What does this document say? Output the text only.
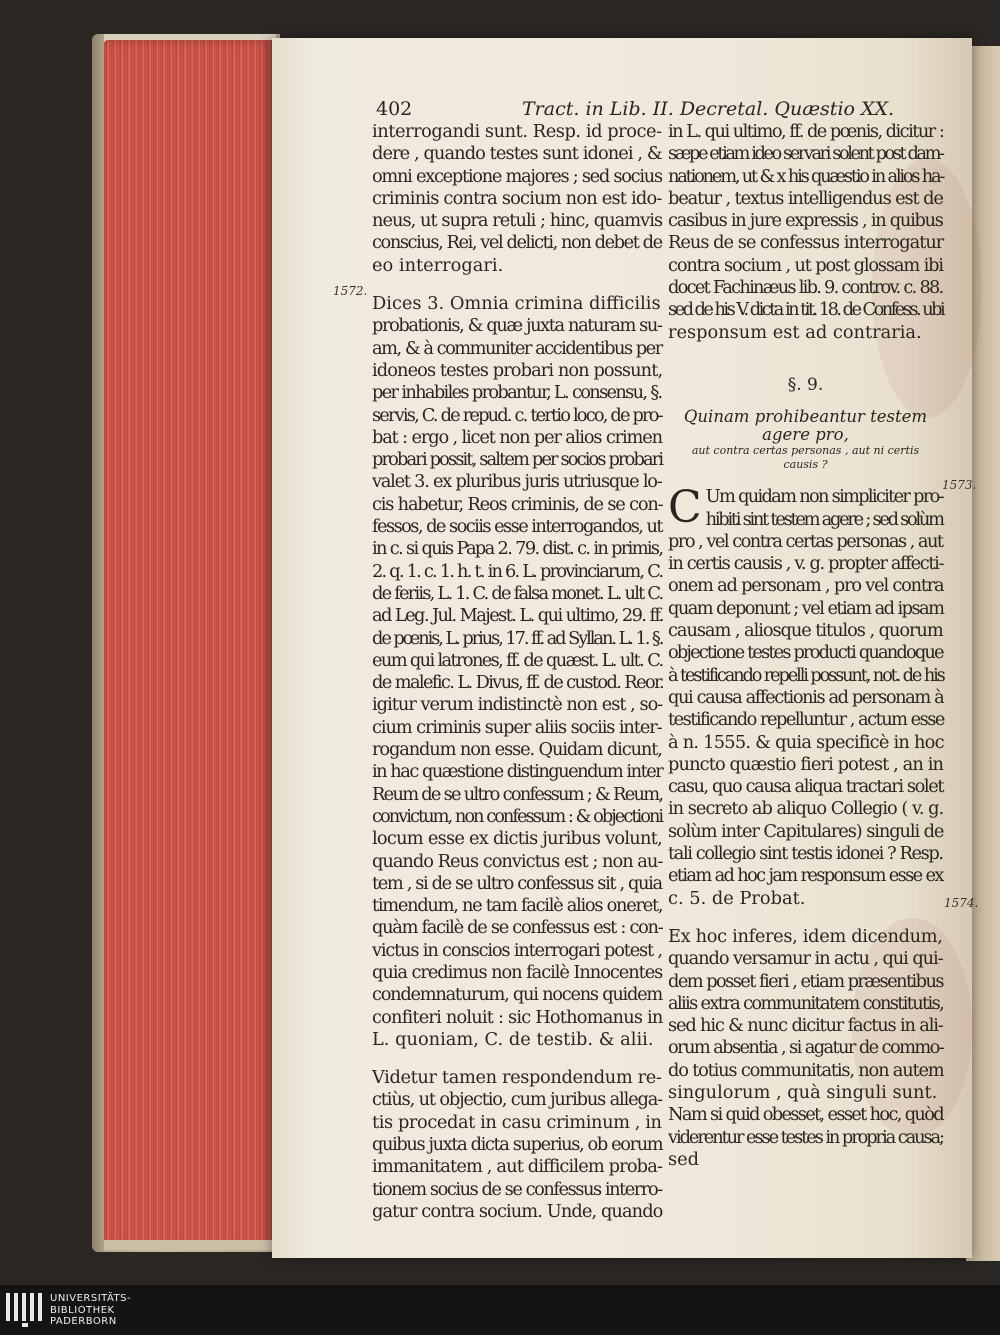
402	Tract. in Lib. II. Decretal. Quæstio XX.
1572.
1573.
1574.
interrogandi sunt. Resp. id proce-
dere , quando testes sunt idonei , &
omni exceptione majores ; sed socius
criminis contra socium non est ido-
neus, ut supra retuli ; hinc, quamvis
conscius, Rei, vel delicti, non debet de
eo interrogari.
Dices 3. Omnia crimina difficilis
probationis, & quæ juxta naturam su-
am, & à communiter accidentibus per
idoneos testes probari non possunt,
per inhabiles probantur, L. consensu, §.
servis, C. de repud. c. tertio loco, de pro-
bat : ergo , licet non per alios crimen
probari possit, saltem per socios probari
valet 3. ex pluribus juris utriusque lo-
cis habetur, Reos criminis, de se con-
fessos, de sociis esse interrogandos, ut
in c. si quis Papa 2. 79. dist. c. in primis,
2. q. 1. c. 1. h. t. in 6. L. provinciarum, C.
de feriis, L. 1. C. de falsa monet. L. ult C.
ad Leg. Jul. Majest. L. qui ultimo, 29. ff.
de pœnis, L. prius, 17. ff. ad Syllan. L. 1. §.
eum qui latrones, ff. de quæst. L. ult. C.
de malefic. L. Divus, ff. de custod. Reor.
igitur verum indistinctè non est , so-
cium criminis super aliis sociis inter-
rogandum non esse. Quidam dicunt,
in hac quæstione distinguendum inter
Reum de se ultro confessum ; & Reum,
convictum, non confessum : & objectioni
locum esse ex dictis juribus volunt,
quando Reus convictus est ; non au-
tem , si de se ultro confessus sit , quia
timendum, ne tam facilè alios oneret,
quàm facilè de se confessus est : con-
victus in conscios interrogari potest ,
quia credimus non facilè Innocentes
condemnaturum, qui nocens quidem
confiteri noluit : sic Hothomanus in
L. quoniam, C. de testib. & alii.
Videtur tamen respondendum re-
ctiùs, ut objectio, cum juribus allega-
tis procedat in casu criminum , in
quibus juxta dicta superius, ob eorum
immanitatem , aut difficilem proba-
tionem socius de se confessus interro-
gatur contra socium. Unde, quando
in L. qui ultimo, ff. de pœnis, dicitur :
sæpe etiam ideo servari solent post dam-
nationem, ut & x his quæstio in alios ha-
beatur , textus intelligendus est de
casibus in jure expressis , in quibus
Reus de se confessus interrogatur
contra socium , ut post glossam ibi
docet Fachinæus lib. 9. controv. c. 88.
sed de his V. dicta in tit. 18. de Confess. ubi
responsum est ad contraria.

§. 9.

Quinam prohibeantur testem agere pro,
aut contra certas personas , aut ni certis
causis ?

C Um quidam non simpliciter pro-
hibiti sint testem agere ; sed solùm
pro , vel contra certas personas , aut
in certis causis , v. g. propter affecti-
onem ad personam , pro vel contra
quam deponunt ; vel etiam ad ipsam
causam , aliosque titulos , quorum
objectione testes producti quandoque
à testificando repelli possunt, not. de his
qui causa affectionis ad personam à
testificando repelluntur , actum esse
à n. 1555. & quia specificè in hoc
puncto quæstio fieri potest , an in
casu, quo causa aliqua tractari solet
in secreto ab aliquo Collegio ( v. g.
solùm inter Capitulares) singuli de
tali collegio sint testis idonei ? Resp.
etiam ad hoc jam responsum esse ex
c. 5. de Probat.
Ex hoc inferes, idem dicendum,
quando versamur in actu , qui qui-
dem posset fieri , etiam præsentibus
aliis extra communitatem constitutis,
sed hic & nunc dicitur factus in ali-
orum absentia , si agatur de commo-
do totius communitatis, non autem
singulorum , quà singuli sunt.
Nam si quid obesset, esset hoc, quòd
viderentur esse testes in propria causa;
sed
UNIVERSITÄTS-
BIBLIOTHEK
PADERBORN
